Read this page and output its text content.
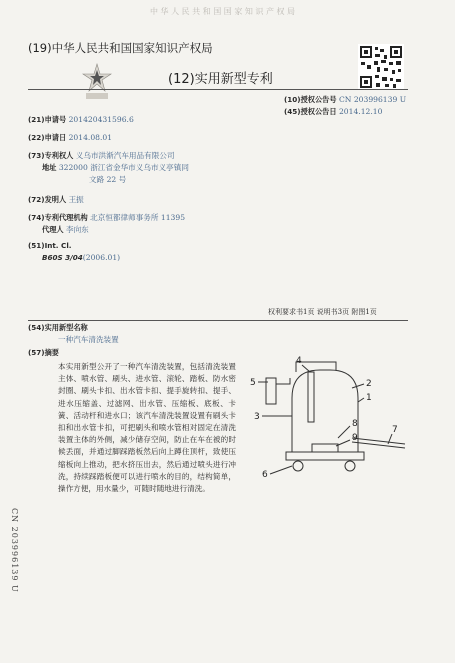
中 华 人 民 共 和 国 国 家 知 识 产 权 局
(19)中华人民共和国国家知识产权局
(12)实用新型专利
(10)授权公告号 CN 203996139 U
(45)授权公告日 2014.12.10
(21)申请号 201420431596.6
(22)申请日 2014.08.01
(73)专利权人 义乌市洪渐汽车用品有限公司
地址 322000 浙江省金华市义乌市义亭镇同
文路 22 号
(72)发明人 王振
(74)专利代理机构 北京恒都律师事务所 11395
代理人 李向东
(51)Int. Cl.
B60S 3/04(2006.01)
权利要求书1页 说明书3页 附图1页
(54)实用新型名称
一种汽车清洗装置
(57)摘要
本实用新型公开了一种汽车清洗装置，包括清洗装置主体、喷水管、刷头、进水管、滚轮、踏板、防水密封圈、刷头卡扣、出水管卡扣、提手旋转扣、提手、进水压缩盖、过滤网、出水管、压缩板、底板、卡簧、活动杆和进水口；该汽车清洗装置设置有刷头卡扣和出水管卡扣，可把刷头和喷水管相对固定在清洗装置主体的外侧，减少储存空间，防止在车在被的时候丢面，并通过脚踩踏板然后向上蹲住顶杆，致使压缩板向上推动，把水挤压出去，然后通过喷头进行冲洗，持续踩踏板便可以进行喷水的目的，结构简单，操作方便，用水量少，可随时随地进行清洗。
5
4
3
2
1
8
9
6
7
CN 203996139 U
